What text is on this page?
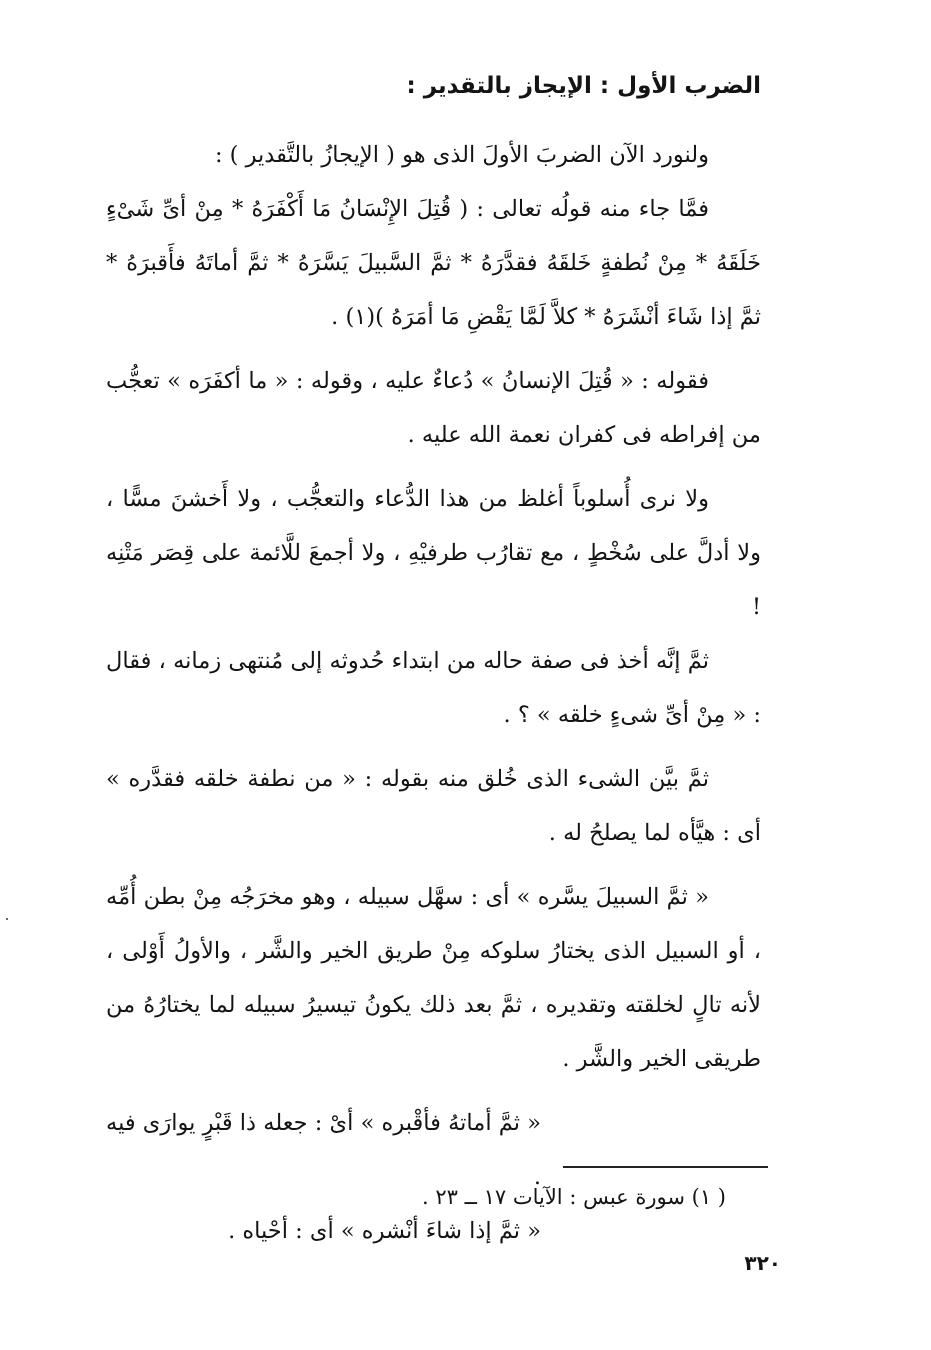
الضرب الأول : الإيجاز بالتقدير :

ولنورد الآن الضربَ الأولَ الذى هو ( الإيجازُ بالتَّقدير ) :

فمَّا جاء منه قولُه تعالى : ( قُتِلَ الإِنْسَانُ مَا أَكْفَرَهُ * مِنْ أىِّ شَىْءٍ خَلَقَهُ * مِنْ نُطفةٍ خَلقَهُ فقدَّرَهُ * ثمَّ السَّبيلَ يَسَّرَهُ * ثمَّ أماتَهُ فأَقبرَهُ * ثمَّ إذا شَاءَ أنْشَرَهُ * كلاَّ لَمَّا يَقْضِ مَا أمَرَهُ )(١) .

فقوله : « قُتِلَ الإنسانُ » دُعاءٌ عليه ، وقوله : « ما أكفَرَه » تعجُّب من إفراطه فى كفران نعمة الله عليه .

ولا نرى أُسلوباً أغلظ من هذا الدُّعاء والتعجُّب ، ولا أَخشنَ مسًّا ، ولا أدلَّ على سُخْطٍ ، مع تقارُب طرفيْهِ ، ولا أجمعَ للَّائمة على قِصَر مَتْنِه !

ثمَّ إنَّه أخذ فى صفة حاله من ابتداء حُدوثه إلى مُنتهى زمانه ، فقال : « مِنْ أىِّ شىءٍ خلقه » ؟ .

ثمَّ بيَّن الشىء الذى خُلق منه بقوله : « من نطفة خلقه فقدَّره » أى : هيَّأه لما يصلحُ له .

« ثمَّ السبيلَ يسَّره » أى : سهَّل سبيله ، وهو مخرَجُه مِنْ بطن أُمِّه ، أو السبيل الذى يختارُ سلوكه مِنْ طريق الخير والشَّر ، والأولُ أَوْلى ، لأنه تالٍ لخلقته وتقديره ، ثمَّ بعد ذلك يكونُ تيسيرُ سبيله لما يختارُهُ من طريقى الخير والشَّر .

« ثمَّ أماتهُ فأقْبره » أىْ : جعله ذا قَبْرٍ يوارَى فيه .

« ثمَّ إذا شاءَ أنْشره » أى : أحْياه .

( ١) سورة عبس : الآيات ١٧ ــ ٢٣ .
٣٢٠
